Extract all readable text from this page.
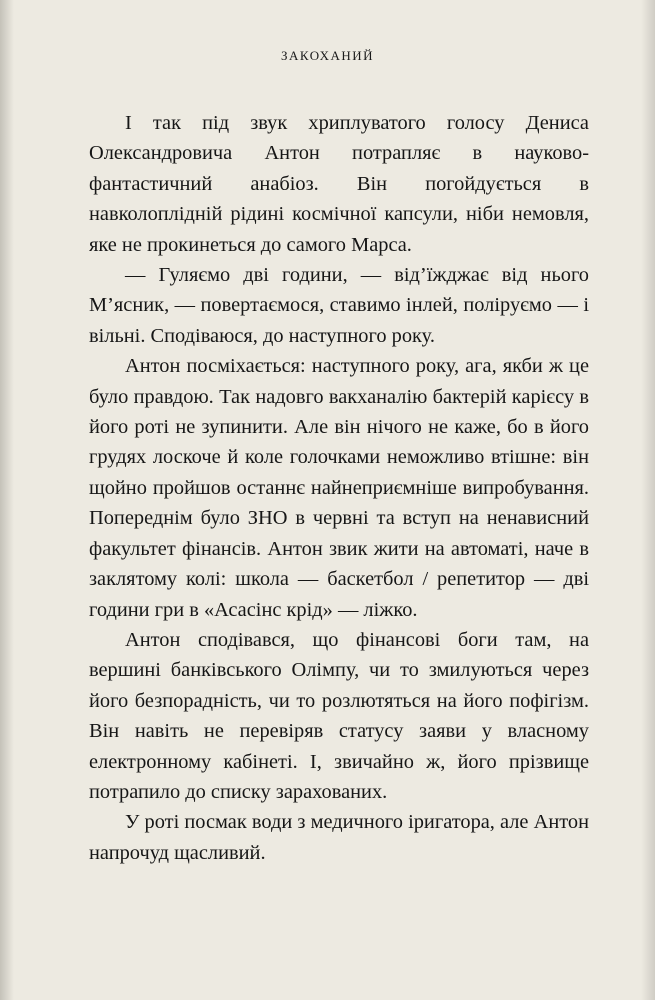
ЗАКОХАНИЙ

І так під звук хриплуватого голосу Дениса Олександровича Антон потрапляє в науково-фантастичний анабіоз. Він погойдується в навколоплідній рідині космічної капсули, ніби немовля, яке не прокинеться до самого Марса.

— Гуляємо дві години, — від’їжджає від нього М’ясник, — повертаємося, ставимо інлей, поліруємо — і вільні. Сподіваюся, до наступного року.

Антон посміхається: наступного року, ага, якби ж це було правдою. Так надовго вакханалію бактерій карієсу в його роті не зупинити. Але він нічого не каже, бо в його грудях лоскоче й коле голочками неможливо втішне: він щойно пройшов останнє найнеприємніше випробування. Попереднім було ЗНО в червні та вступ на ненависний факультет фінансів. Антон звик жити на автоматі, наче в заклятому колі: школа — баскетбол / репетитор — дві години гри в «Асасінс крід» — ліжко.

Антон сподівався, що фінансові боги там, на вершині банківського Олімпу, чи то змилуються через його безпорадність, чи то розлютяться на його пофігізм. Він навіть не перевіряв статусу заяви у власному електронному кабінеті. І, звичайно ж, його прізвище потрапило до списку зарахованих.

У роті посмак води з медичного іригатора, але Антон напрочуд щасливий.
